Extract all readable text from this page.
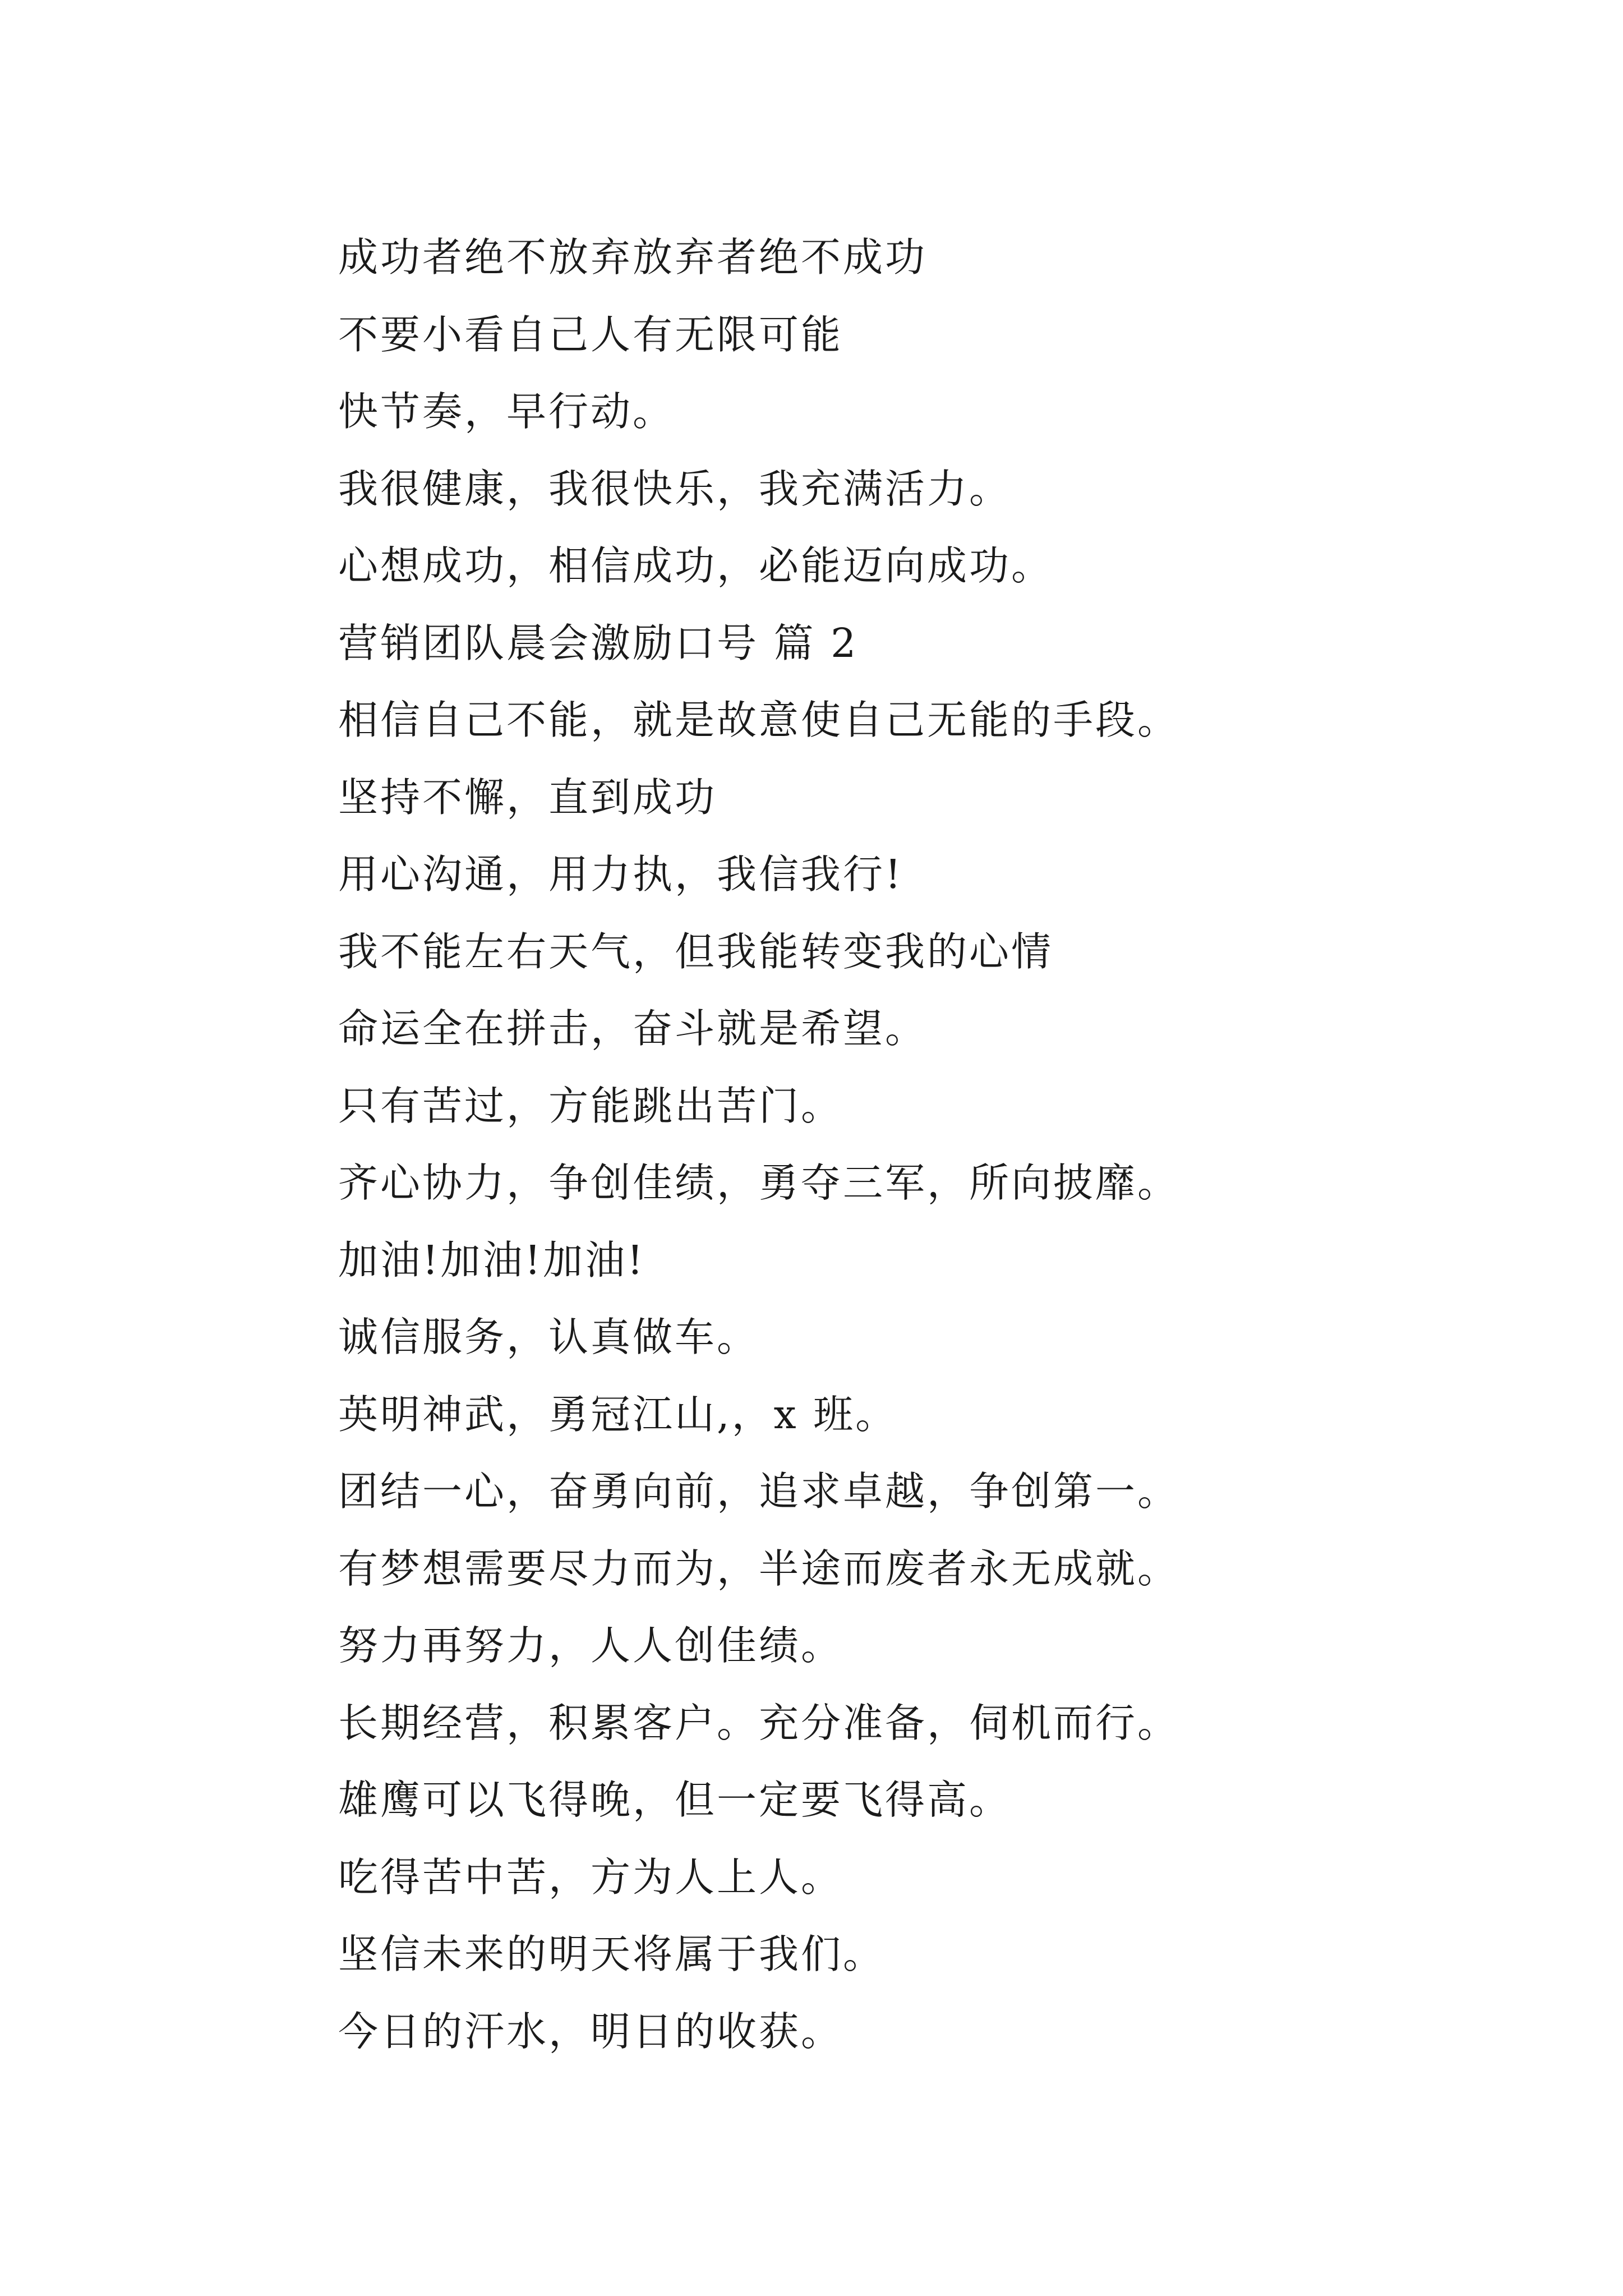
成功者绝不放弃放弃者绝不成功
不要小看自己人有无限可能
快节奏，早行动。
我很健康，我很快乐，我充满活力。
心想成功，相信成功，必能迈向成功。
营销团队晨会激励口号 篇 2
相信自己不能，就是故意使自己无能的手段。
坚持不懈，直到成功
用心沟通，用力执，我信我行!
我不能左右天气，但我能转变我的心情
命运全在拼击，奋斗就是希望。
只有苦过，方能跳出苦门。
齐心协力，争创佳绩，勇夺三军，所向披靡。
加油!加油!加油!
诚信服务，认真做车。
英明神武，勇冠江山,，x 班。
团结一心，奋勇向前，追求卓越，争创第一。
有梦想需要尽力而为，半途而废者永无成就。
努力再努力，人人创佳绩。
长期经营，积累客户。充分准备，伺机而行。
雄鹰可以飞得晚，但一定要飞得高。
吃得苦中苦，方为人上人。
坚信未来的明天将属于我们。
今日的汗水，明日的收获。
